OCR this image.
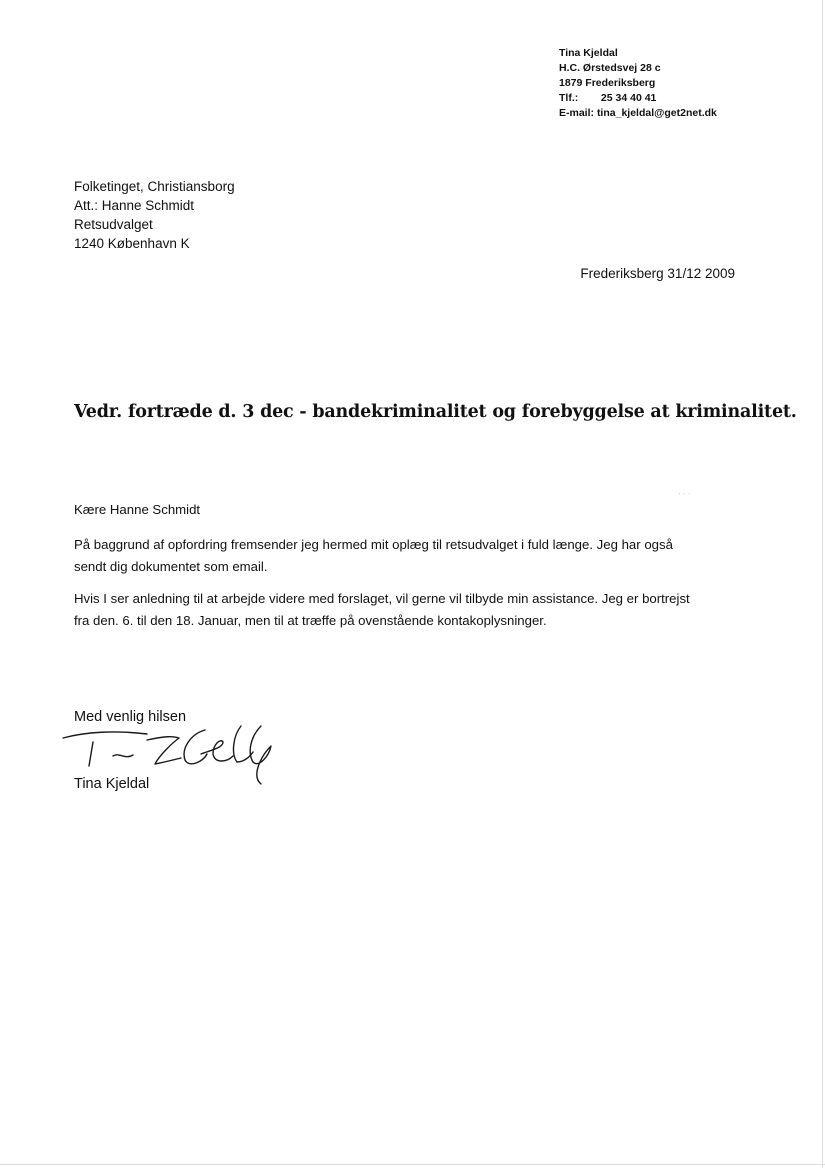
Tina Kjeldal
H.C. Ørstedsvej 28 c
1879 Frederiksberg
Tlf.: 25 34 40 41
E-mail: tina_kjeldal@get2net.dk
Folketinget, Christiansborg
Att.: Hanne Schmidt
Retsudvalget
1240 København K
Frederiksberg 31/12 2009
Vedr. fortræde d. 3 dec - bandekriminalitet og forebyggelse at kriminalitet.

Kære Hanne Schmidt

På baggrund af opfordring fremsender jeg hermed mit oplæg til retsudvalget i fuld længe. Jeg har også
sendt dig dokumentet som email.

Hvis I ser anledning til at arbejde videre med forslaget, vil gerne vil tilbyde min assistance. Jeg er bortrejst
fra den. 6. til den 18. Januar, men til at træffe på ovenstående kontakoplysninger.

Med venlig hilsen
Tina Kjeldal
· · ·
